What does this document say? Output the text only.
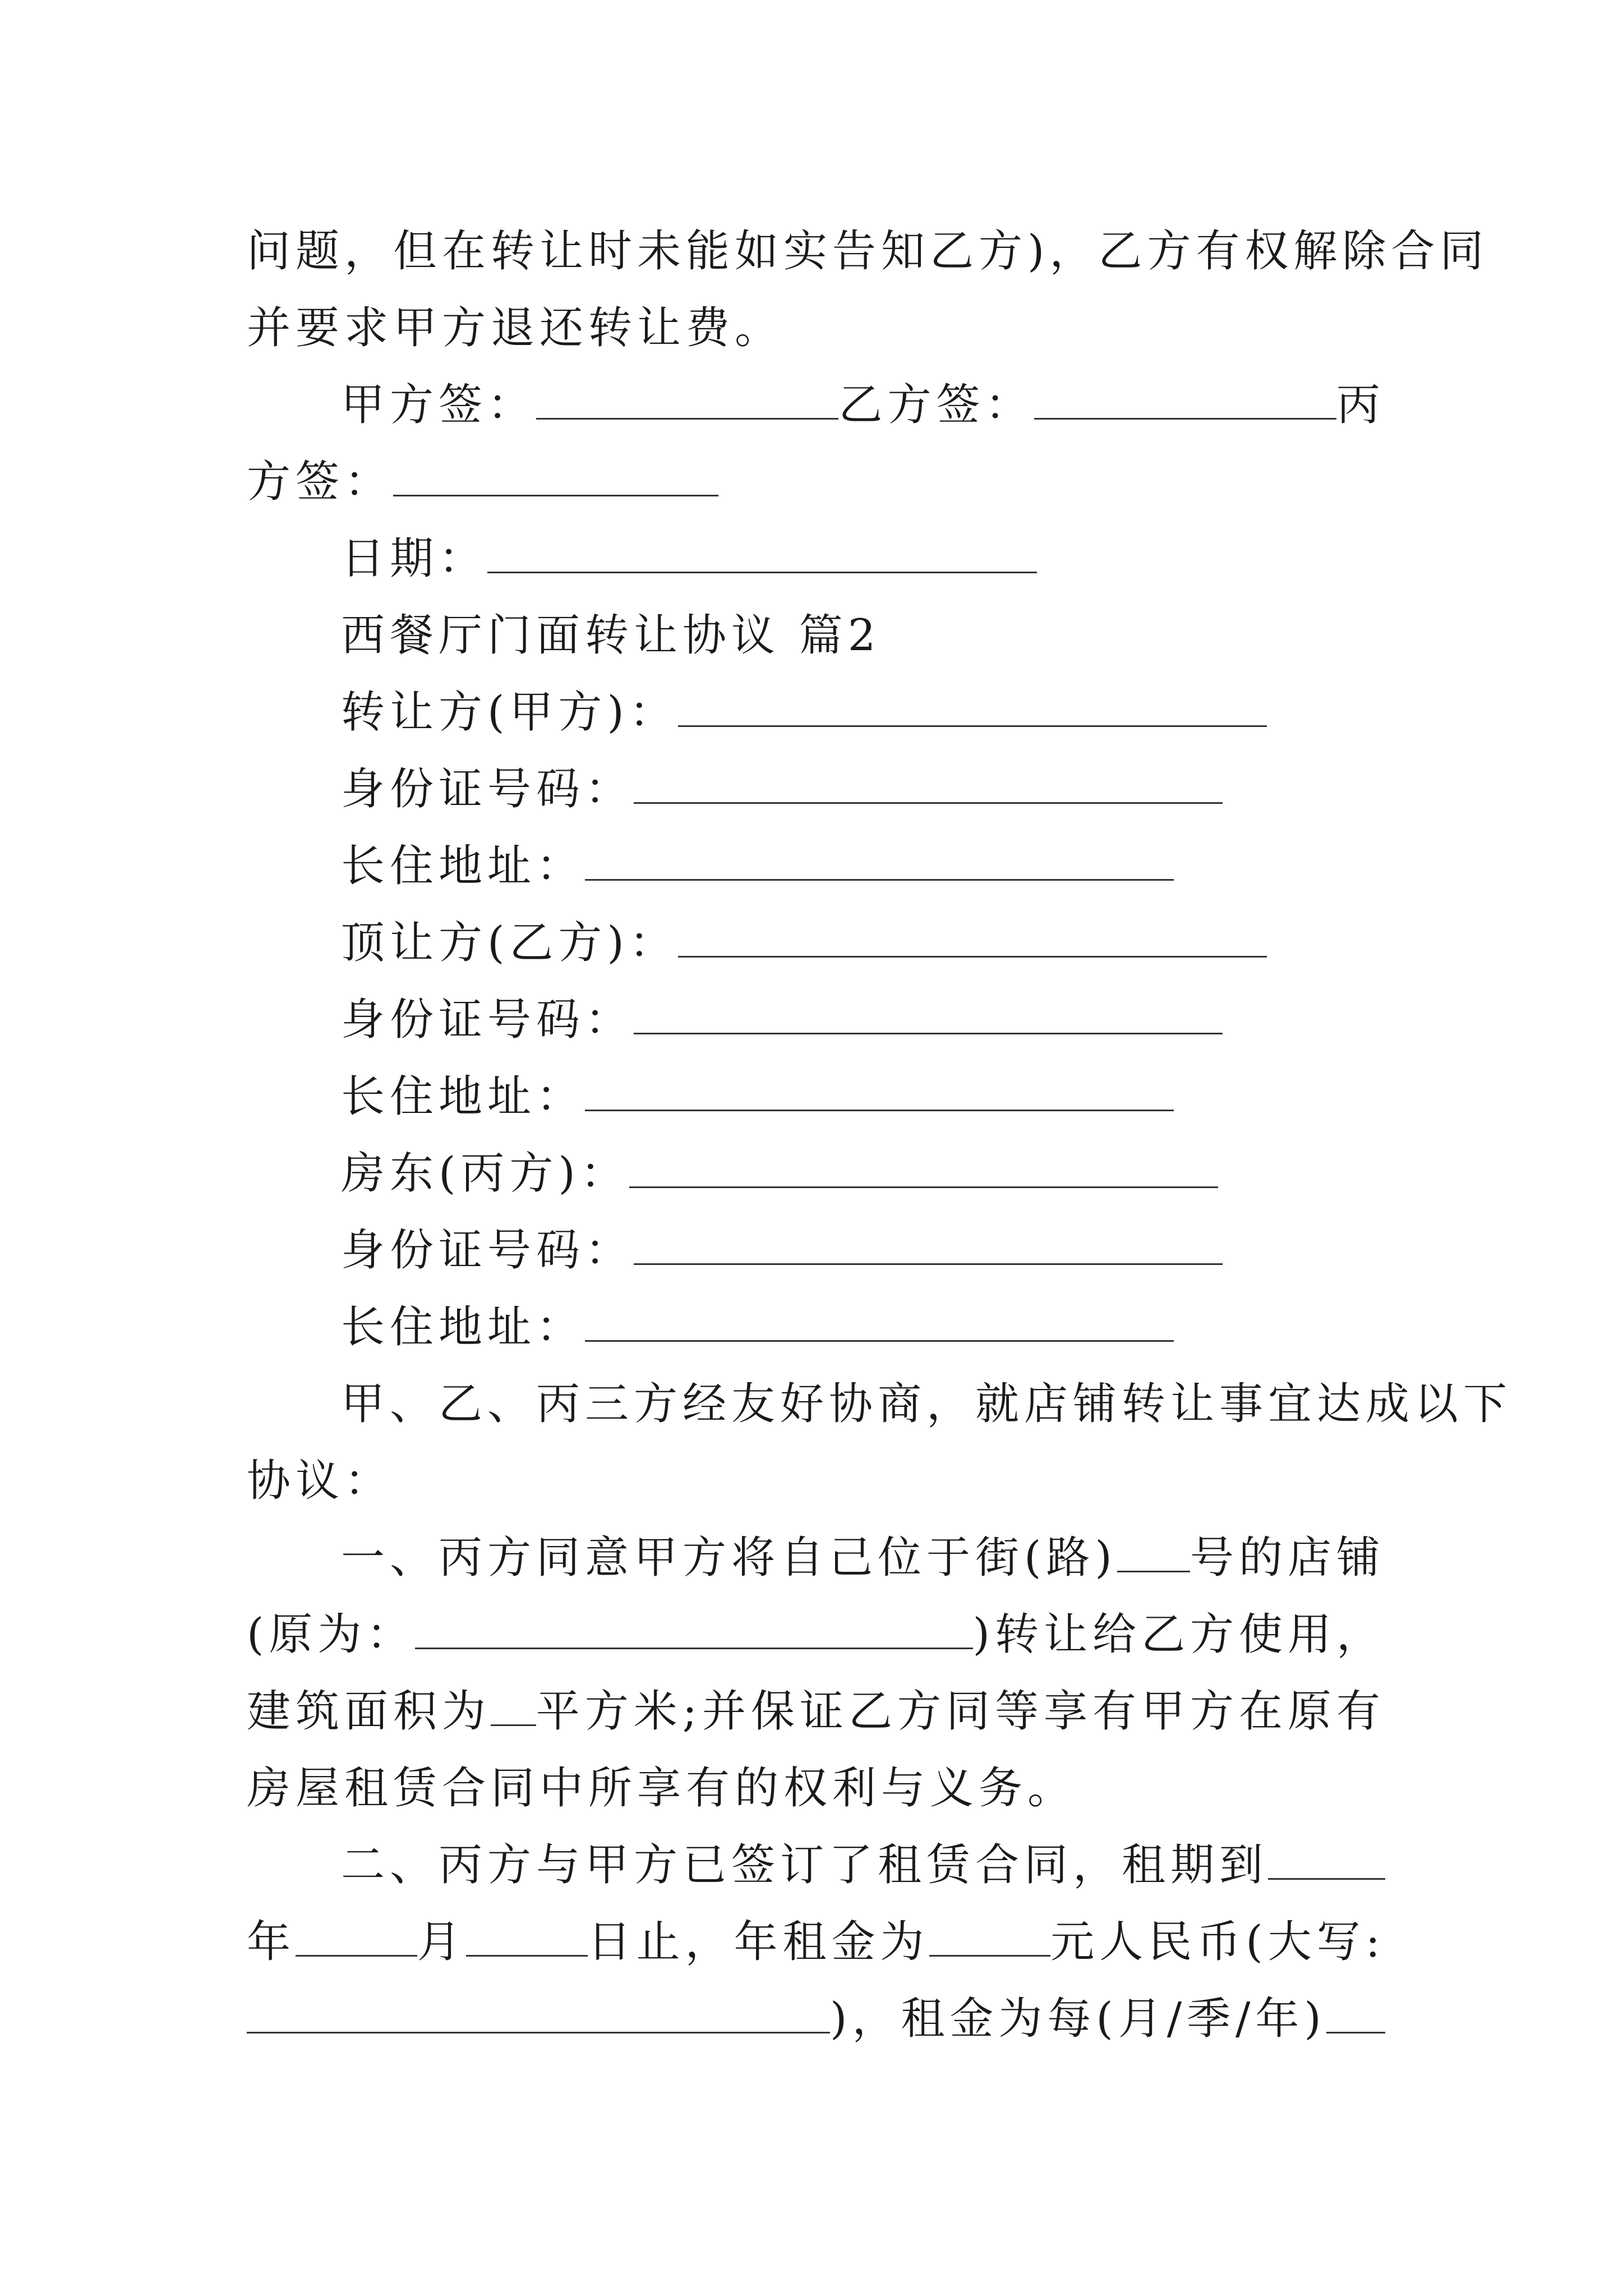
问题，但在转让时未能如实告知乙方)，乙方有权解除合同
并要求甲方退还转让费。
甲方签：	乙方签：	丙
方签：
日期：
西餐厅门面转让协议 篇2
转让方(甲方)：
身份证号码：
长住地址：
顶让方(乙方)：
身份证号码：
长住地址：
房东(丙方)：
身份证号码：
长住地址：
甲、乙、丙三方经友好协商，就店铺转让事宜达成以下
协议：
一、丙方同意甲方将自己位于街(路) 号的店铺
(原为：	)转让给乙方使用，
建筑面积为 平方米;并保证乙方同等享有甲方在原有
房屋租赁合同中所享有的权利与义务。
二、丙方与甲方已签订了租赁合同，租期到
年	月	日止，年租金为	元人民币(大写:
)，租金为每(月/季/年)
